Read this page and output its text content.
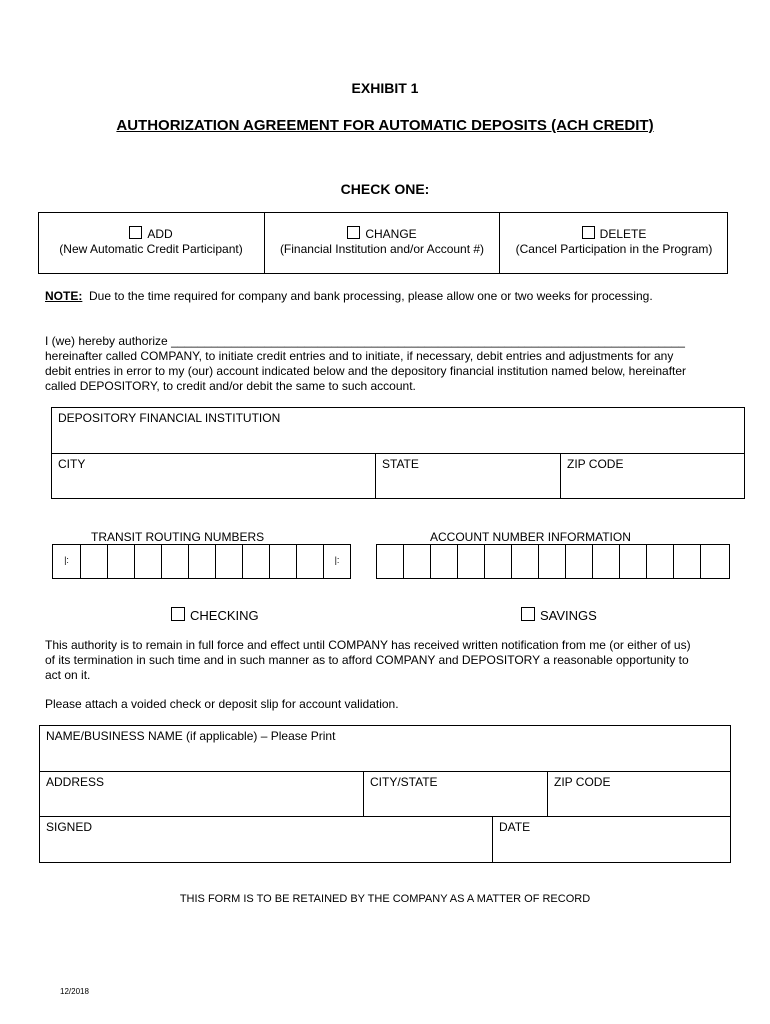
EXHIBIT 1
AUTHORIZATION AGREEMENT FOR AUTOMATIC DEPOSITS (ACH CREDIT)
CHECK ONE:
ADD
(New Automatic Credit Participant)
CHANGE
(Financial Institution and/or Account #)
DELETE
(Cancel Participation in the Program)
NOTE: Due to the time required for company and bank processing, please allow one or two weeks for processing.
I (we) hereby authorize _____________________________________________________________________________
hereinafter called COMPANY, to initiate credit entries and to initiate, if necessary, debit entries and adjustments for any
debit entries in error to my (our) account indicated below and the depository financial institution named below, hereinafter
called DEPOSITORY, to credit and/or debit the same to such account.
DEPOSITORY FINANCIAL INSTITUTION
CITY	STATE	ZIP CODE
TRANSIT ROUTING NUMBERS	ACCOUNT NUMBER INFORMATION
|:	|:
CHECKING	SAVINGS
This authority is to remain in full force and effect until COMPANY has received written notification from me (or either of us)
of its termination in such time and in such manner as to afford COMPANY and DEPOSITORY a reasonable opportunity to
act on it.
Please attach a voided check or deposit slip for account validation.
NAME/BUSINESS NAME (if applicable) – Please Print
ADDRESS	CITY/STATE	ZIP CODE
SIGNED	DATE
THIS FORM IS TO BE RETAINED BY THE COMPANY AS A MATTER OF RECORD
12/2018
